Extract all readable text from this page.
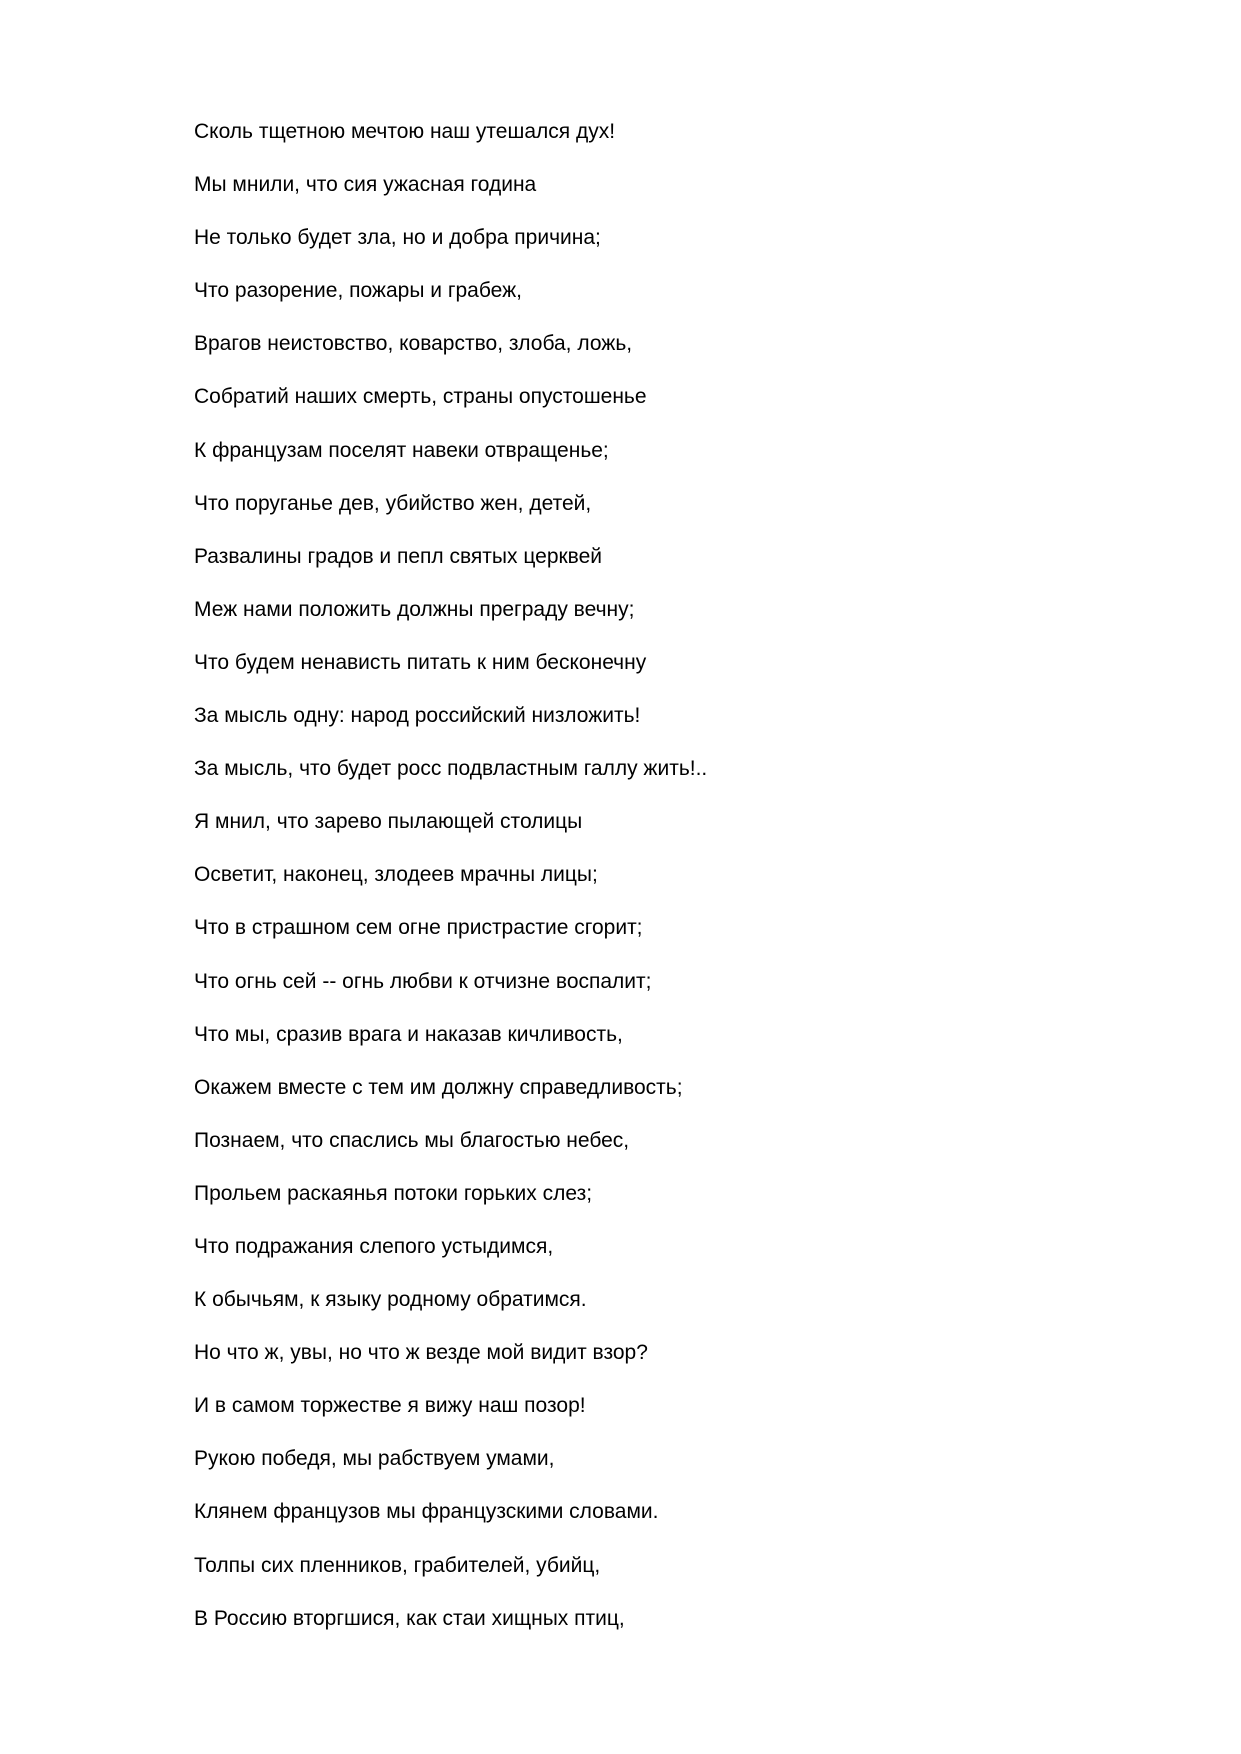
Сколь тщетною мечтою наш утешался дух!
Мы мнили, что сия ужасная година
Не только будет зла, но и добра причина;
Что разорение, пожары и грабеж,
Врагов неистовство, коварство, злоба, ложь,
Собратий наших смерть, страны опустошенье
К французам поселят навеки отвращенье;
Что поруганье дев, убийство жен, детей,
Развалины градов и пепл святых церквей
Меж нами положить должны преграду вечну;
Что будем ненависть питать к ним бесконечну
За мысль одну: народ российский низложить!
За мысль, что будет росс подвластным галлу жить!..
Я мнил, что зарево пылающей столицы
Осветит, наконец, злодеев мрачны лицы;
Что в страшном сем огне пристрастие сгорит;
Что огнь сей -- огнь любви к отчизне воспалит;
Что мы, сразив врага и наказав кичливость,
Окажем вместе с тем им должну справедливость;
Познаем, что спаслись мы благостью небес,
Прольем раскаянья потоки горьких слез;
Что подражания слепого устыдимся,
К обычьям, к языку родному обратимся.
Но что ж, увы, но что ж везде мой видит взор?
И в самом торжестве я вижу наш позор!
Рукою победя, мы рабствуем умами,
Клянем французов мы французскими словами.
Толпы сих пленников, грабителей, убийц,
В Россию вторгшися, как стаи хищных птиц,
